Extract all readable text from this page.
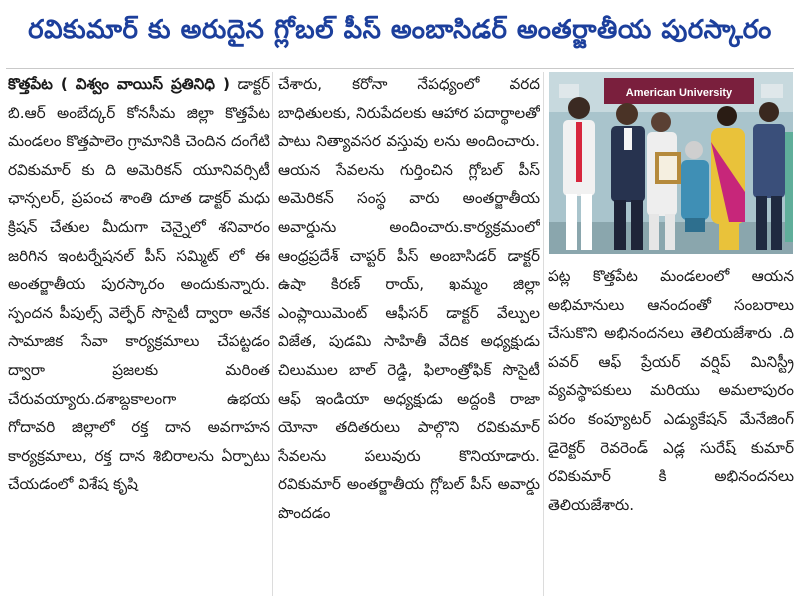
రవికుమార్ కు అరుదైన గ్లోబల్ పీస్ అంబాసిడర్ అంతర్జాతీయ పురస్కారం

కొత్తపేట ( విశ్వం వాయిస్ ప్రతినిధి ) డాక్టర్ బి.ఆర్ అంబేద్కర్ కోనసీమ జిల్లా కొత్తపేట మండలం కొత్తపాలెం గ్రామానికి చెందిన దంగేటి రవికుమార్ కు ది అమెరికన్ యూనివర్సిటీ ఛాన్సలర్, ప్రపంచ శాంతి దూత డాక్టర్ మధు క్రిషన్ చేతుల మీదుగా చెన్నైలో శనివారం జరిగిన ఇంటర్నేషనల్ పీస్ సమ్మిట్ లో ఈ అంతర్జాతీయ పురస్కారం అందుకున్నారు. స్పందన పీపుల్స్ వెల్ఫేర్ సొసైటీ ద్వారా అనేక సామాజిక సేవా కార్యక్రమాలు చేపట్టడం ద్వారా ప్రజలకు మరింత చేరువయ్యారు.దశాబ్దకాలంగా ఉభయ గోదావరి జిల్లాలో రక్త దాన అవగాహన కార్యక్రమాలు, రక్త దాన శిబిరాలను ఏర్పాటు చేయడంలో విశేష కృషి

చేశారు, కరోనా నేపధ్యంలో వరద బాధితులకు, నిరుపేదలకు ఆహార పదార్థాలతో పాటు నిత్యావసర వస్తువు లను అందించారు. ఆయన సేవలను గుర్తించిన గ్లోబల్ పీస్ అమెరికన్ సంస్థ వారు అంతర్జాతీయ అవార్డును అందించారు.కార్యక్రమంలో ఆంధ్రప్రదేశ్ చాప్టర్ పీస్ అంబాసిడర్ డాక్టర్ ఉషా కిరణ్ రాయ్, ఖమ్మం జిల్లా ఎంప్లాయిమెంట్ ఆఫీసర్ డాక్టర్ వేల్పుల విజేత, పుడమి సాహితీ వేదిక అధ్యక్షుడు చిలుముల బాల్ రెడ్డి, ఫిలాంత్రోఫిక్ సొసైటీ ఆఫ్ ఇండియా అధ్యక్షుడు అద్దంకి రాజా యోనా తదితరులు పాల్గొని రవికుమార్ సేవలను పలువురు కొనియాడారు. రవికుమార్ అంతర్జాతీయ గ్లోబల్ పీస్ అవార్డు పొందడం

American University

పట్ల కొత్తపేట మండలంలో ఆయన అభిమానులు ఆనందంతో సంబరాలు చేసుకొని అభినందనలు తెలియజేశారు .ది పవర్ ఆఫ్ ప్రేయర్ వర్షిప్ మినిస్ట్రీ వ్యవస్థాపకులు మరియు అమలాపురం పరం కంప్యూటర్ ఎడ్యుకేషన్ మేనేజింగ్ డైరెక్టర్ రెవరెండ్ ఎడ్ల సురేష్ కుమార్ రవికుమార్ కి అభినందనలు తెలియజేశారు.
